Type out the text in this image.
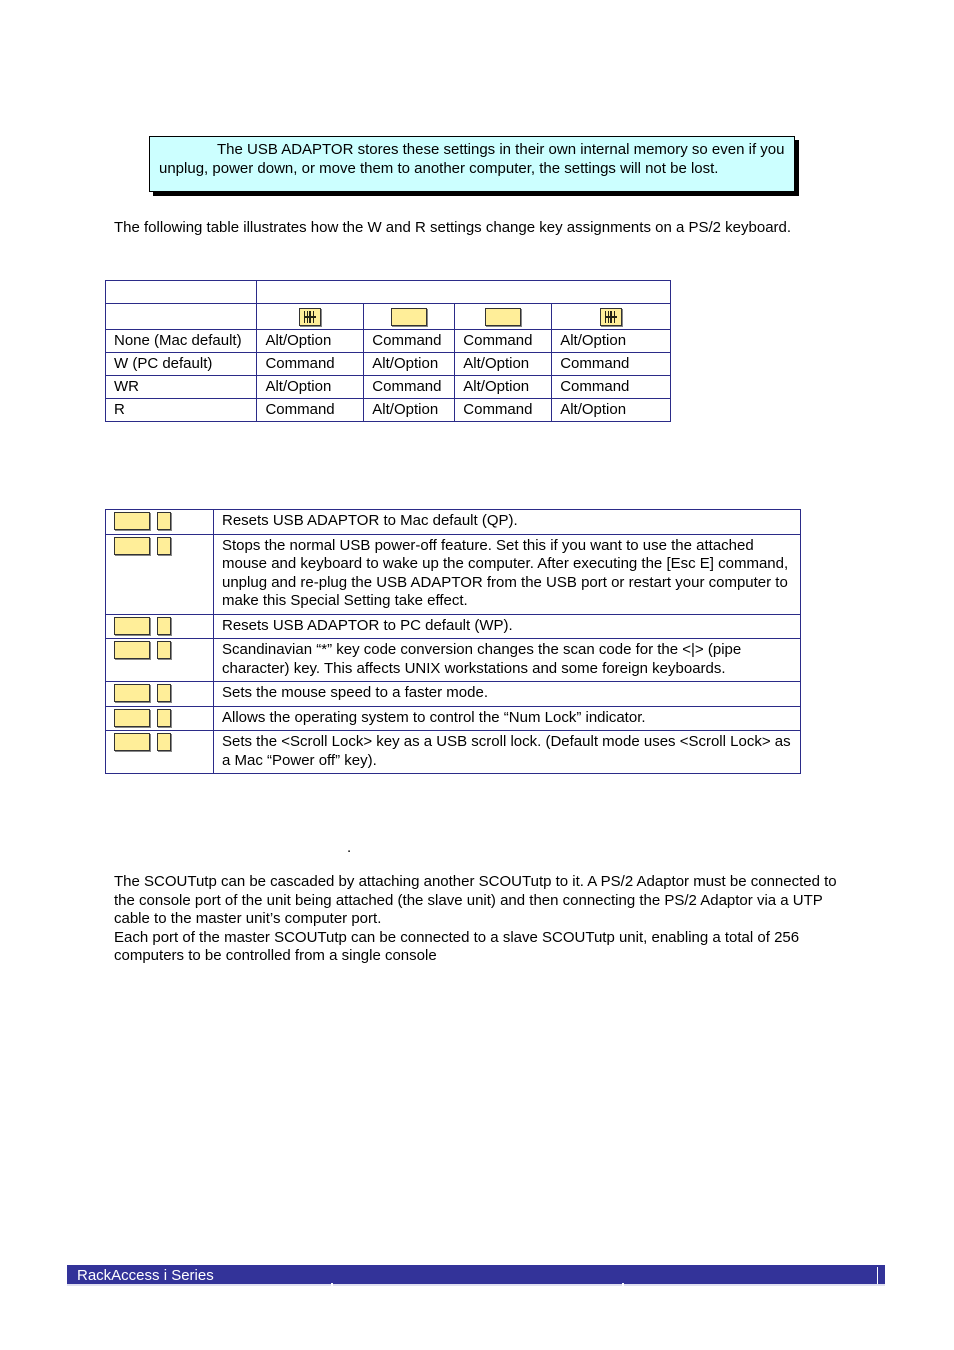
The USB ADAPTOR stores these settings in their own internal memory so even if you unplug, power down, or move them to another computer, the settings will not be lost.
The following table illustrates how the W and R settings change key assignments on a PS/2 keyboard.

None (Mac default)	Alt/Option	Command	Command	Alt/Option
W (PC default)	Command	Alt/Option	Alt/Option	Command
WR	Alt/Option	Command	Alt/Option	Command
R	Command	Alt/Option	Command	Alt/Option
	Resets USB ADAPTOR to Mac default (QP).
	Stops the normal USB power-off feature. Set this if you want to use the attached mouse and keyboard to wake up the computer. After executing the [Esc E] command, unplug and re-plug the USB ADAPTOR from the USB port or restart your computer to make this Special Setting take effect.
	Resets USB ADAPTOR to PC default (WP).
	Scandinavian “*” key code conversion changes the scan code for the <|> (pipe character) key. This affects UNIX workstations and some foreign keyboards.
	Sets the mouse speed to a faster mode.
	Allows the operating system to control the “Num Lock” indicator.
	Sets the <Scroll Lock> key as a USB scroll lock. (Default mode uses <Scroll Lock> as a Mac “Power off” key).
.

The SCOUTutp can be cascaded by attaching another SCOUTutp to it. A PS/2 Adaptor must be connected to the console port of the unit being attached (the slave unit) and then connecting the PS/2 Adaptor via a UTP cable to the master unit’s computer port.

Each port of the master SCOUTutp can be connected to a slave SCOUTutp unit, enabling a total of 256 computers to be controlled from a single console

RackAccess i Series
